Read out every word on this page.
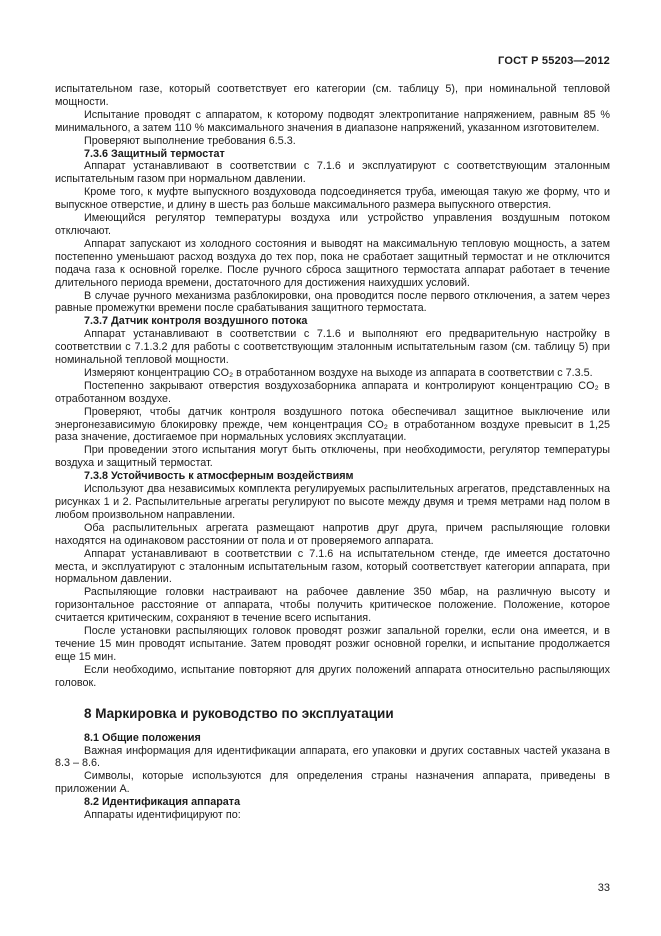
ГОСТ Р 55203—2012

испытательном газе, который соответствует его категории (см. таблицу 5), при номинальной тепловой мощности.

Испытание проводят с аппаратом, к которому подводят электропитание напряжением, равным 85 % минимального, а затем 110 % максимального значения в диапазоне напряжений, указанном изготовителем.

Проверяют выполнение требования 6.5.3.

7.3.6 Защитный термостат

Аппарат устанавливают в соответствии с 7.1.6 и эксплуатируют с соответствующим эталонным испытательным газом при нормальном давлении.

Кроме того, к муфте выпускного воздуховода подсоединяется труба, имеющая такую же форму, что и выпускное отверстие, и длину в шесть раз больше максимального размера выпускного отверстия.

Имеющийся регулятор температуры воздуха или устройство управления воздушным потоком отключают.

Аппарат запускают из холодного состояния и выводят на максимальную тепловую мощность, а затем постепенно уменьшают расход воздуха до тех пор, пока не сработает защитный термостат и не отключится подача газа к основной горелке. После ручного сброса защитного термостата аппарат работает в течение длительного периода времени, достаточного для достижения наихудших условий.

В случае ручного механизма разблокировки, она проводится после первого отключения, а затем через равные промежутки времени после срабатывания защитного термостата.

7.3.7 Датчик контроля воздушного потока

Аппарат устанавливают в соответствии с 7.1.6 и выполняют его предварительную настройку в соответствии с 7.1.3.2 для работы с соответствующим эталонным испытательным газом (см. таблицу 5) при номинальной тепловой мощности.

Измеряют концентрацию CO₂ в отработанном воздухе на выходе из аппарата в соответствии с 7.3.5.

Постепенно закрывают отверстия воздухозаборника аппарата и контролируют концентрацию CO₂ в отработанном воздухе.

Проверяют, чтобы датчик контроля воздушного потока обеспечивал защитное выключение или энергонезависимую блокировку прежде, чем концентрация CO₂ в отработанном воздухе превысит в 1,25 раза значение, достигаемое при нормальных условиях эксплуатации.

При проведении этого испытания могут быть отключены, при необходимости, регулятор температуры воздуха и защитный термостат.

7.3.8 Устойчивость к атмосферным воздействиям

Используют два независимых комплекта регулируемых распылительных агрегатов, представленных на рисунках 1 и 2. Распылительные агрегаты регулируют по высоте между двумя и тремя метрами над полом в любом произвольном направлении.

Оба распылительных агрегата размещают напротив друг друга, причем распыляющие головки находятся на одинаковом расстоянии от пола и от проверяемого аппарата.

Аппарат устанавливают в соответствии с 7.1.6 на испытательном стенде, где имеется достаточно места, и эксплуатируют с эталонным испытательным газом, который соответствует категории аппарата, при нормальном давлении.

Распыляющие головки настраивают на рабочее давление 350 мбар, на различную высоту и горизонтальное расстояние от аппарата, чтобы получить критическое положение. Положение, которое считается критическим, сохраняют в течение всего испытания.

После установки распыляющих головок проводят розжиг запальной горелки, если она имеется, и в течение 15 мин проводят испытание. Затем проводят розжиг основной горелки, и испытание продолжается еще 15 мин.

Если необходимо, испытание повторяют для других положений аппарата относительно распыляющих головок.

8 Маркировка и руководство по эксплуатации

8.1 Общие положения

Важная информация для идентификации аппарата, его упаковки и других составных частей указана в 8.3 – 8.6.

Символы, которые используются для определения страны назначения аппарата, приведены в приложении А.

8.2 Идентификация аппарата

Аппараты идентифицируют по:

33
